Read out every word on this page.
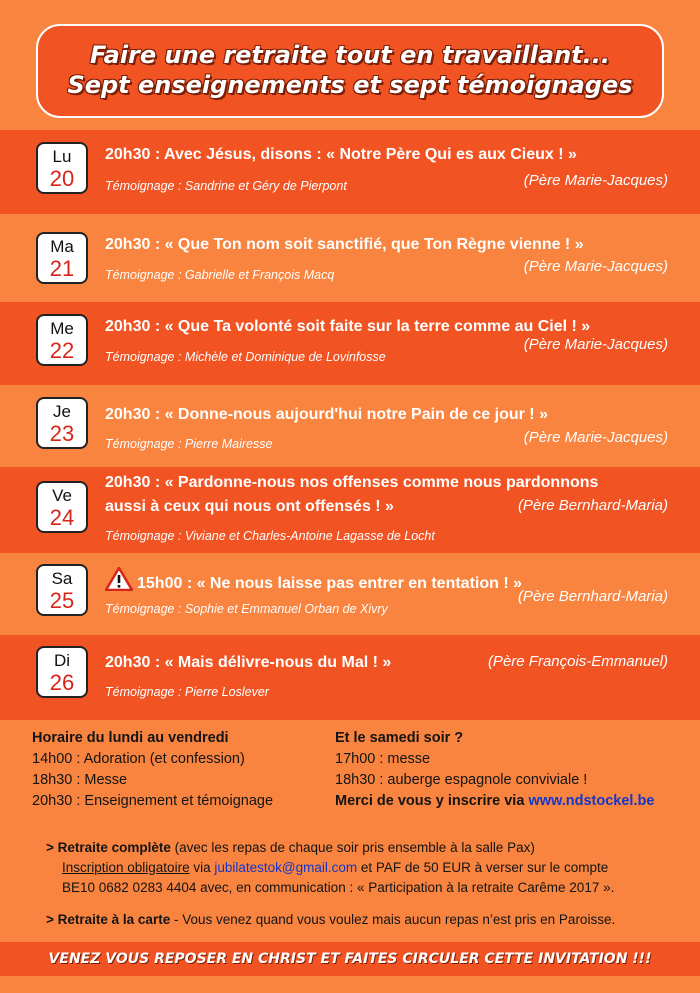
Faire une retraite tout en travaillant...
Sept enseignements et sept témoignages
Lu
20
20h30 : Avec Jésus, disons : « Notre Père Qui es aux Cieux ! »
(Père Marie-Jacques)
Témoignage : Sandrine et Géry de Pierpont
Ma
21
20h30 : « Que Ton nom soit sanctifié, que Ton Règne vienne ! »
(Père Marie-Jacques)
Témoignage : Gabrielle et François Macq
Me
22
20h30 : « Que Ta volonté soit faite sur la terre comme au Ciel ! »
(Père Marie-Jacques)
Témoignage : Michèle et Dominique de Lovinfosse
Je
23
20h30 : « Donne-nous aujourd'hui notre Pain de ce jour ! »
(Père Marie-Jacques)
Témoignage : Pierre Mairesse
Ve
24
20h30 : « Pardonne-nous nos offenses comme nous pardonnons
aussi à ceux qui nous ont offensés ! »	(Père Bernhard-Maria)
Témoignage : Viviane et Charles-Antoine Lagasse de Locht
Sa
25
15h00 : « Ne nous laisse pas entrer en tentation ! »
(Père Bernhard-Maria)
Témoignage : Sophie et Emmanuel Orban de Xivry
Di
26
20h30 : « Mais délivre-nous du Mal ! »	(Père François-Emmanuel)
Témoignage : Pierre Loslever
Horaire du lundi au vendredi
14h00 : Adoration (et confession)
18h30 : Messe
20h30 : Enseignement et témoignage
Et le samedi soir ?
17h00 : messe
18h30 : auberge espagnole conviviale !
Merci de vous y inscrire via www.ndstockel.be
> Retraite complète (avec les repas de chaque soir pris ensemble à la salle Pax)
Inscription obligatoire via jubilatestok@gmail.com et PAF de 50 EUR à verser sur le compte
BE10 0682 0283 4404 avec, en communication : « Participation à la retraite Carême 2017 ».
> Retraite à la carte - Vous venez quand vous voulez mais aucun repas n’est pris en Paroisse.
VENEZ VOUS REPOSER EN CHRIST ET FAITES CIRCULER CETTE INVITATION !!!
